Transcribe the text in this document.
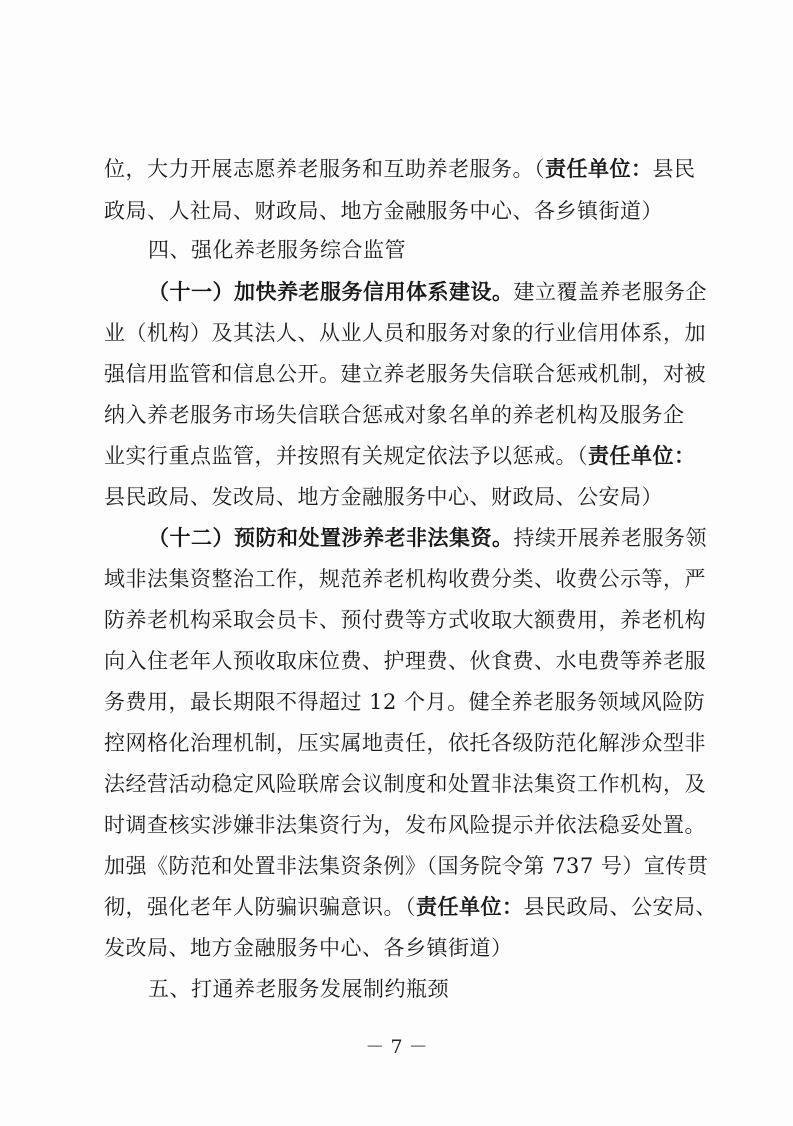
位，大力开展志愿养老服务和互助养老服务。（责任单位：县民
政局、人社局、财政局、地方金融服务中心、各乡镇街道）
四、强化养老服务综合监管
（十一）加快养老服务信用体系建设。建立覆盖养老服务企
业（机构）及其法人、从业人员和服务对象的行业信用体系，加
强信用监管和信息公开。建立养老服务失信联合惩戒机制，对被
纳入养老服务市场失信联合惩戒对象名单的养老机构及服务企
业实行重点监管，并按照有关规定依法予以惩戒。（责任单位：
县民政局、发改局、地方金融服务中心、财政局、公安局）
（十二）预防和处置涉养老非法集资。持续开展养老服务领
域非法集资整治工作，规范养老机构收费分类、收费公示等，严
防养老机构采取会员卡、预付费等方式收取大额费用，养老机构
向入住老年人预收取床位费、护理费、伙食费、水电费等养老服
务费用，最长期限不得超过 12 个月。健全养老服务领域风险防
控网格化治理机制，压实属地责任，依托各级防范化解涉众型非
法经营活动稳定风险联席会议制度和处置非法集资工作机构，及
时调查核实涉嫌非法集资行为，发布风险提示并依法稳妥处置。
加强《防范和处置非法集资条例》（国务院令第 737 号）宣传贯
彻，强化老年人防骗识骗意识。（责任单位：县民政局、公安局、
发改局、地方金融服务中心、各乡镇街道）
五、打通养老服务发展制约瓶颈
－ 7 －
